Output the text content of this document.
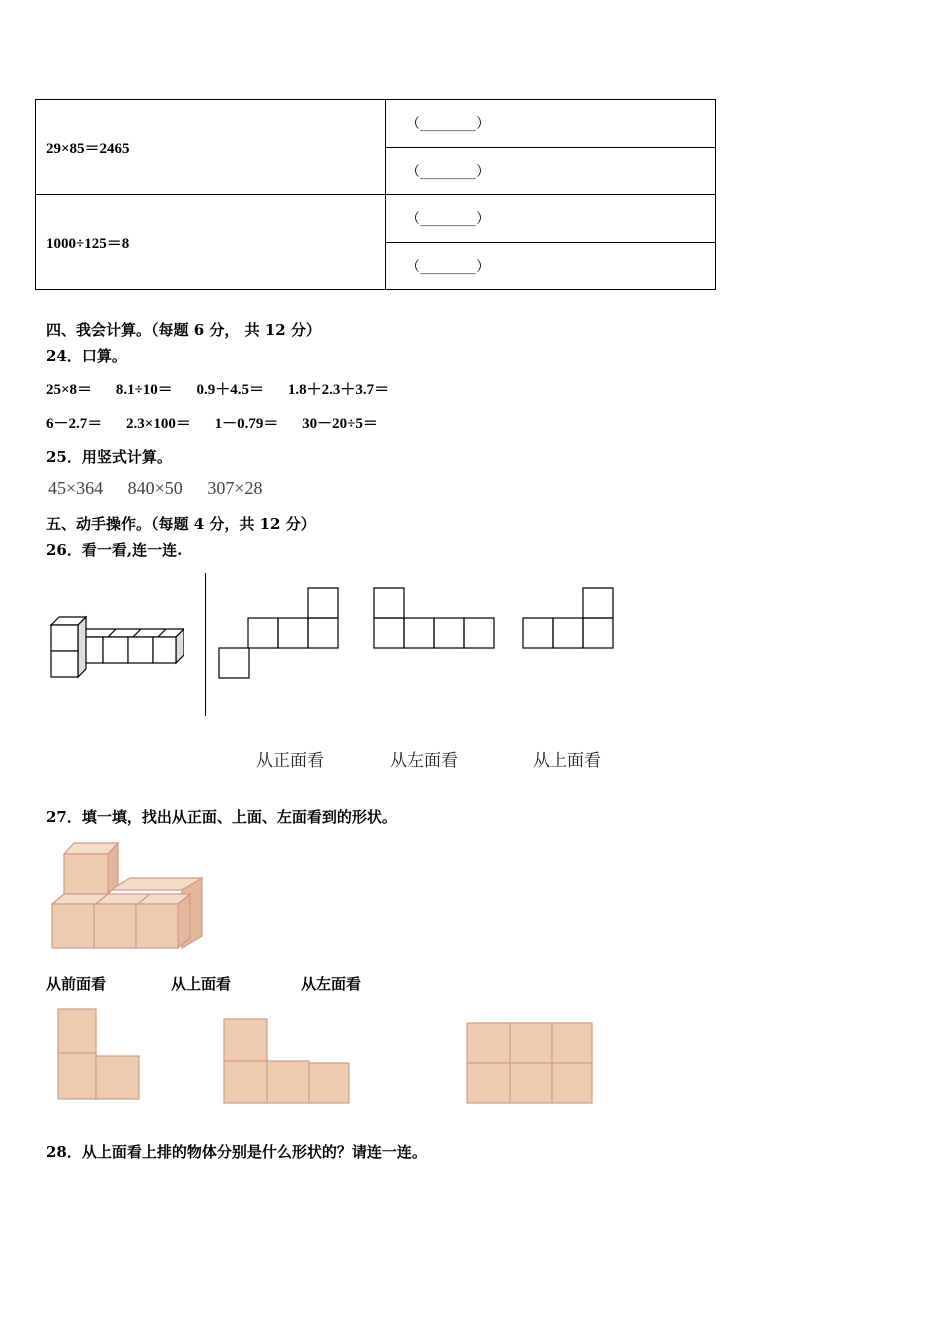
29×85＝2465	（________）
	（________）
1000÷125＝8	（________）
	（________）
四、我会计算。（每题 6 分， 共 12 分）
24．口算。
25×8＝ 8.1÷10＝ 0.9＋4.5＝ 1.8＋2.3＋3.7＝
6－2.7＝ 2.3×100＝ 1－0.79＝ 30－20÷5＝
25．用竖式计算。
45×364 840×50 307×28
五、动手操作。（每题 4 分，共 12 分）
26．看一看,连一连.
从正面看	从左面看	从上面看
27．填一填，找出从正面、上面、左面看到的形状。
从前面看	从上面看	从左面看
28．从上面看上排的物体分别是什么形状的？请连一连。
